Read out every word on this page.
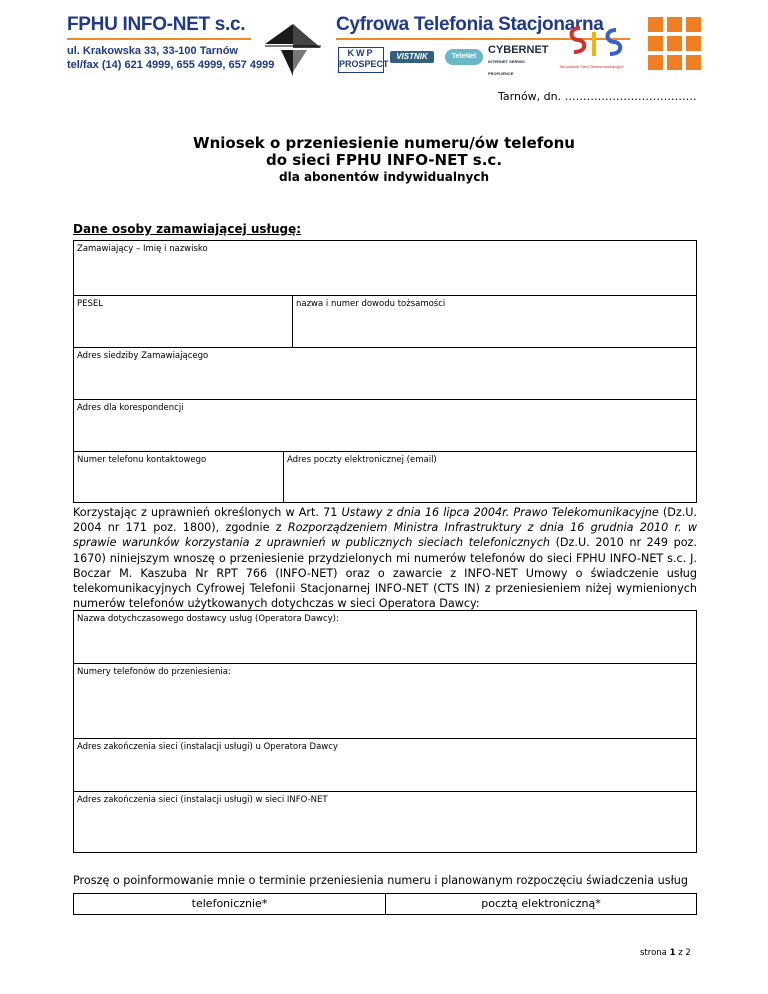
FPHU INFO-NET s.c.
ul. Krakowska 33, 33-100 Tarnów
tel/fax (14) 621 4999, 655 4999, 657 4999
Cyfrowa Telefonia Stacjonarna
KWP
PROSPECT
VISTNIK	TeleNet
CYBERNET
INTERNET SERWIS PROFIJENCE
Tarnowskie Sieci Telekomunikacyjne
Tarnów, dn. ………………………………
Wniosek o przeniesienie numeru/ów telefonu
do sieci FPHU INFO-NET s.c.
dla abonentów indywidualnych
Dane osoby zamawiającej usługę:
Zamawiający – Imię i nazwisko
PESEL	nazwa i numer dowodu tożsamości
Adres siedziby Zamawiającego
Adres dla korespondencji
Numer telefonu kontaktowego	Adres poczty elektronicznej (email)
Korzystając z uprawnień określonych w Art. 71 Ustawy z dnia 16 lipca 2004r. Prawo Telekomunikacyjne (Dz.U. 2004 nr 171 poz. 1800), zgodnie z Rozporządzeniem Ministra Infrastruktury z dnia 16 grudnia 2010 r. w sprawie warunków korzystania z uprawnień w publicznych sieciach telefonicznych (Dz.U. 2010 nr 249 poz. 1670) niniejszym wnoszę o przeniesienie przydzielonych mi numerów telefonów do sieci FPHU INFO-NET s.c. J. Boczar M. Kaszuba Nr RPT 766 (INFO-NET) oraz o zawarcie z INFO-NET Umowy o świadczenie usług telekomunikacyjnych Cyfrowej Telefonii Stacjonarnej INFO-NET (CTS IN) z przeniesieniem niżej wymienionych numerów telefonów użytkowanych dotychczas w sieci Operatora Dawcy:
Nazwa dotychczasowego dostawcy usług (Operatora Dawcy):
Numery telefonów do przeniesienia:
Adres zakończenia sieci (instalacji usługi) u Operatora Dawcy
Adres zakończenia sieci (instalacji usługi) w sieci INFO-NET
Proszę o poinformowanie mnie o terminie przeniesienia numeru i planowanym rozpoczęciu świadczenia usług
telefonicznie*	pocztą elektroniczną*
strona 1 z 2
